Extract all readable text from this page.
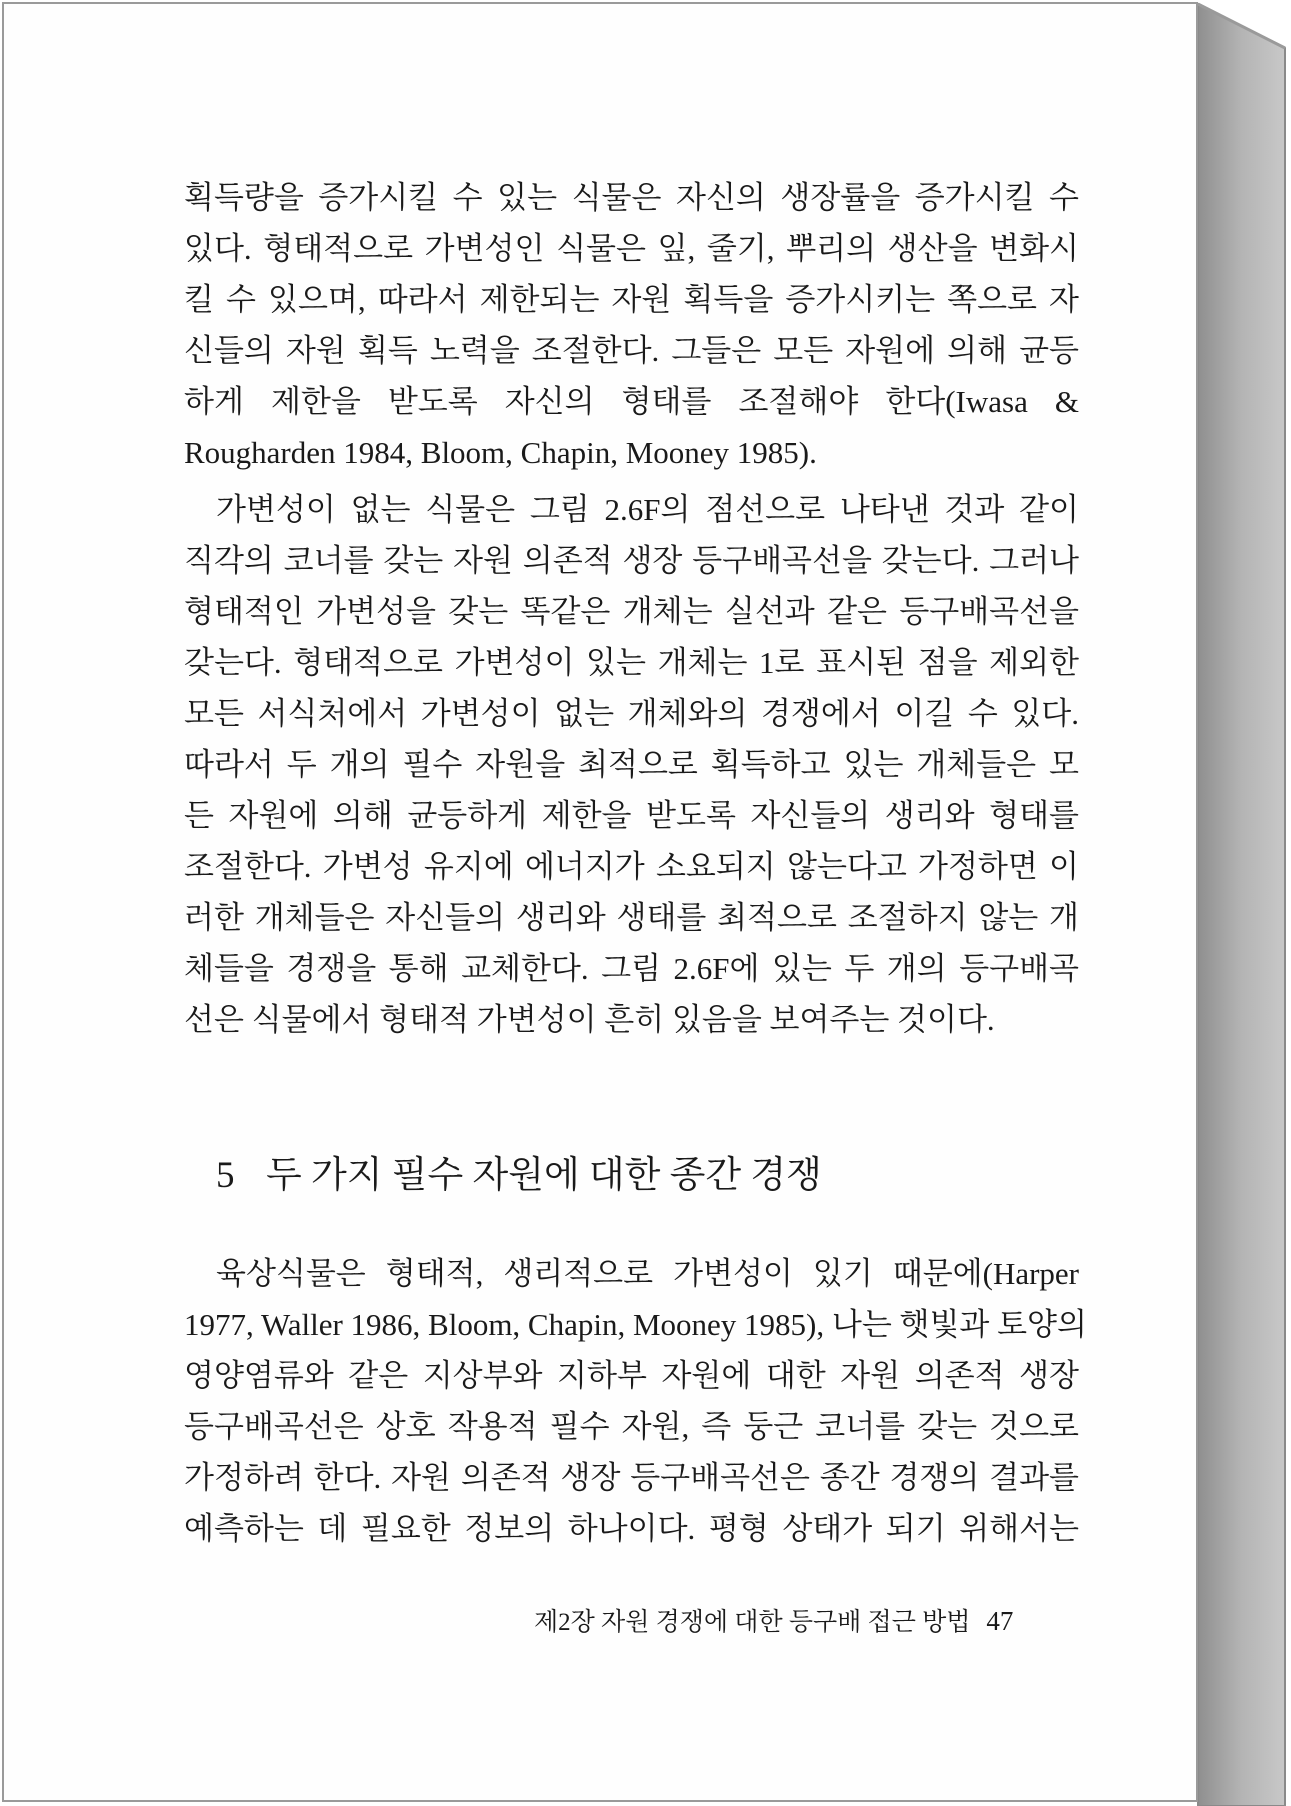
획득량을 증가시킬 수 있는 식물은 자신의 생장률을 증가시킬 수
있다. 형태적으로 가변성인 식물은 잎, 줄기, 뿌리의 생산을 변화시
킬 수 있으며, 따라서 제한되는 자원 획득을 증가시키는 쪽으로 자
신들의 자원 획득 노력을 조절한다. 그들은 모든 자원에 의해 균등
하게 제한을 받도록 자신의 형태를 조절해야 한다(Iwasa &
Rougharden 1984, Bloom, Chapin, Mooney 1985).
가변성이 없는 식물은 그림 2.6F의 점선으로 나타낸 것과 같이
직각의 코너를 갖는 자원 의존적 생장 등구배곡선을 갖는다. 그러나
형태적인 가변성을 갖는 똑같은 개체는 실선과 같은 등구배곡선을
갖는다. 형태적으로 가변성이 있는 개체는 1로 표시된 점을 제외한
모든 서식처에서 가변성이 없는 개체와의 경쟁에서 이길 수 있다.
따라서 두 개의 필수 자원을 최적으로 획득하고 있는 개체들은 모
든 자원에 의해 균등하게 제한을 받도록 자신들의 생리와 형태를
조절한다. 가변성 유지에 에너지가 소요되지 않는다고 가정하면 이
러한 개체들은 자신들의 생리와 생태를 최적으로 조절하지 않는 개
체들을 경쟁을 통해 교체한다. 그림 2.6F에 있는 두 개의 등구배곡
선은 식물에서 형태적 가변성이 흔히 있음을 보여주는 것이다.
5 두 가지 필수 자원에 대한 종간 경쟁
육상식물은 형태적, 생리적으로 가변성이 있기 때문에(Harper
1977, Waller 1986, Bloom, Chapin, Mooney 1985), 나는 햇빛과 토양의
영양염류와 같은 지상부와 지하부 자원에 대한 자원 의존적 생장
등구배곡선은 상호 작용적 필수 자원, 즉 둥근 코너를 갖는 것으로
가정하려 한다. 자원 의존적 생장 등구배곡선은 종간 경쟁의 결과를
예측하는 데 필요한 정보의 하나이다. 평형 상태가 되기 위해서는
제2장 자원 경쟁에 대한 등구배 접근 방법 47
